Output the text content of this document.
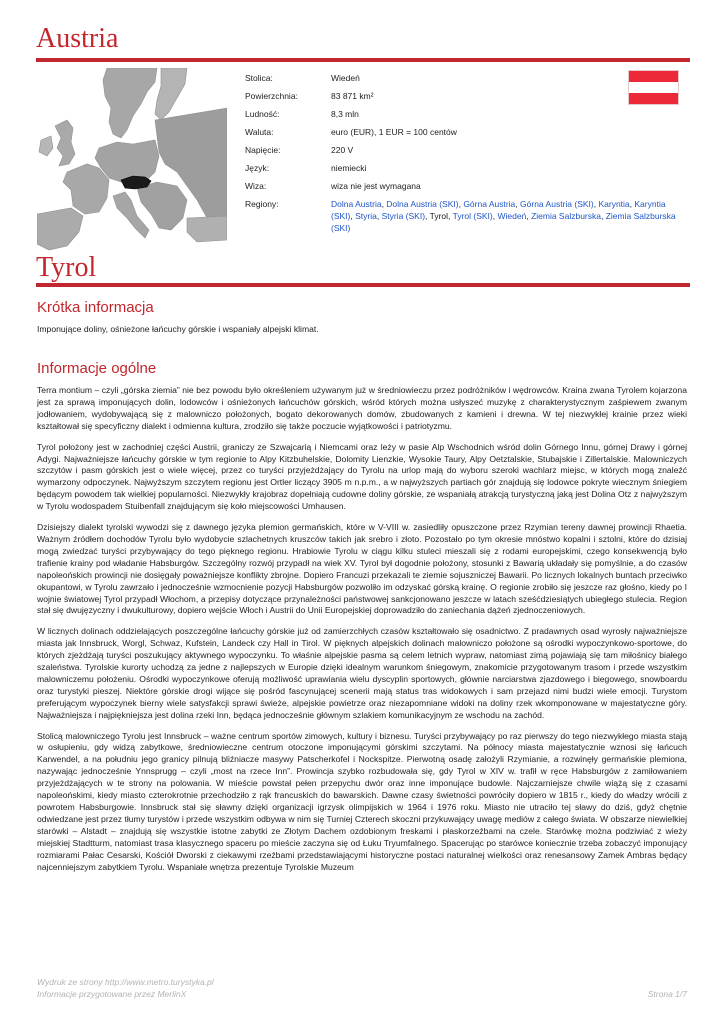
Austria
Stolica:	Wiedeń
Powierzchnia:	83 871 km²
Ludność:	8,3 mln
Waluta:	euro (EUR), 1 EUR = 100 centów
Napięcie:	220 V
Język:	niemiecki
Wiza:	wiza nie jest wymagana
Regiony:	Dolna Austria, Dolna Austria (SKI), Górna Austria, Górna Austria (SKI), Karyntia, Karyntia (SKI), Styria, Styria (SKI), Tyrol, Tyrol (SKI), Wiedeń, Ziemia Salzburska, Ziemia Salzburska (SKI)
Tyrol
Krótka informacja

Imponujące doliny, ośnieżone łańcuchy górskie i wspaniały alpejski klimat.

Informacje ogólne

Terra montium – czyli „górska ziemia” nie bez powodu było określeniem używanym już w średniowieczu przez podróżników i wędrowców. Kraina zwana Tyrolem kojarzona jest za sprawą imponujących dolin, lodowców i ośnieżonych łańcuchów górskich, wśród których można usłyszeć muzykę z charakterystycznym zaśpiewem zwanym jodłowaniem, wydobywającą się z malowniczo położonych, bogato dekorowanych domów, zbudowanych z kamieni i drewna. W tej niezwykłej krainie przez wieki kształtował się specyficzny dialekt i odmienna kultura, zrodziło się także poczucie wyjątkowości i patriotyzmu.

Tyrol położony jest w zachodniej części Austrii, graniczy ze Szwajcarią i Niemcami oraz leży w pasie Alp Wschodnich wśród dolin Górnego Innu, górnej Drawy i górnej Adygi. Najważniejsze łańcuchy górskie w tym regionie to Alpy Kitzbuhelskie, Dolomity Lienzkie, Wysokie Taury, Alpy Oetztalskie, Stubajskie i Zillertalskie. Malowniczych szczytów i pasm górskich jest o wiele więcej, przez co turyści przyjeżdżający do Tyrolu na urlop mają do wyboru szeroki wachlarz miejsc, w których mogą znaleźć wymarzony odpoczynek. Najwyższym szczytem regionu jest Ortler liczący 3905 m n.p.m., a w najwyższych partiach gór znajdują się lodowce pokryte wiecznym śniegiem będącym powodem tak wielkiej popularności. Niezwykły krajobraz dopełniają cudowne doliny górskie, ze wspaniałą atrakcją turystyczną jaką jest Dolina Otz z najwyższym w Tyrolu wodospadem Stuibenfall znajdującym się koło miejscowości Umhausen.

Dzisiejszy dialekt tyrolski wywodzi się z dawnego języka plemion germańskich, które w V-VIII w. zasiedliły opuszczone przez Rzymian tereny dawnej prowincji Rhaetia. Ważnym źródłem dochodów Tyrolu było wydobycie szlachetnych kruszców takich jak srebro i złoto. Pozostało po tym okresie mnóstwo kopalni i sztolni, które do dzisiaj mogą zwiedzać turyści przybywający do tego pięknego regionu. Hrabiowie Tyrolu w ciągu kilku stuleci mieszali się z rodami europejskimi, czego konsekwencją było trafienie krainy pod władanie Habsburgów. Szczególny rozwój przypadł na wiek XV. Tyrol był dogodnie położony, stosunki z Bawarią układały się pomyślnie, a do czasów napoleońskich prowincji nie dosięgały poważniejsze konflikty zbrojne. Dopiero Francuzi przekazali te ziemie sojuszniczej Bawarii. Po licznych lokalnych buntach przeciwko okupantowi, w Tyrolu zawrzało i jednocześnie wzmocnienie pozycji Habsburgów pozwoliło im odzyskać górską krainę. O regionie zrobiło się jeszcze raz głośno, kiedy po I wojnie światowej Tyrol przypadł Włochom, a przepisy dotyczące przynależności państwowej sankcjonowano jeszcze w latach sześćdziesiątych ubiegłego stulecia. Region stał się dwujęzyczny i dwukulturowy, dopiero wejście Włoch i Austrii do Unii Europejskiej doprowadziło do zaniechania dążeń zjednoczeniowych.

W licznych dolinach oddzielających poszczególne łańcuchy górskie już od zamierzchłych czasów kształtowało się osadnictwo. Z pradawnych osad wyrosły najważniejsze miasta jak Innsbruck, Worgl, Schwaz, Kufstein, Landeck czy Hall in Tirol. W pięknych alpejskich dolinach malowniczo położone są ośrodki wypoczynkowo-sportowe, do których zjeżdżają turyści poszukujący aktywnego wypoczynku. To właśnie alpejskie pasma są celem letnich wypraw, natomiast zimą pojawiają się tam miłośnicy białego szaleństwa. Tyrolskie kurorty uchodzą za jedne z najlepszych w Europie dzięki idealnym warunkom śniegowym, znakomicie przygotowanym trasom i przede wszystkim malowniczemu położeniu. Ośrodki wypoczynkowe oferują możliwość uprawiania wielu dyscyplin sportowych, głównie narciarstwa zjazdowego i biegowego, snowboardu oraz turystyki pieszej. Niektóre górskie drogi wijące się pośród fascynującej scenerii mają status tras widokowych i sam przejazd nimi budzi wiele emocji. Turystom preferującym wypoczynek bierny wiele satysfakcji sprawi świeże, alpejskie powietrze oraz niezapomniane widoki na doliny rzek wkomponowane w majestatyczne góry. Najważniejsza i najpiękniejsza jest dolina rzeki Inn, będąca jednocześnie głównym szlakiem komunikacyjnym ze wschodu na zachód.

Stolicą malowniczego Tyrolu jest Innsbruck – ważne centrum sportów zimowych, kultury i biznesu. Turyści przybywający po raz pierwszy do tego niezwykłego miasta stają w osłupieniu, gdy widzą zabytkowe, średniowieczne centrum otoczone imponującymi górskimi szczytami. Na północy miasta majestatycznie wznosi się łańcuch Karwendel, a na południu jego granicy pilnują bliźniacze masywy Patscherkofel i Nockspitze. Pierwotną osadę założyli Rzymianie, a rozwinęły germańskie plemiona, nazywając jednocześnie Ynnsprugg – czyli „most na rzece Inn”. Prowincja szybko rozbudowała się, gdy Tyrol w XIV w. trafił w ręce Habsburgów z zamiłowaniem przyjeżdżających w te strony na polowania. W mieście powstał pełen przepychu dwór oraz inne imponujące budowle. Najczarniejsze chwile wiążą się z czasami napoleońskimi, kiedy miasto czterokrotnie przechodziło z rąk francuskich do bawarskich. Dawne czasy świetności powróciły dopiero w 1815 r., kiedy do władzy wrócili z powrotem Habsburgowie. Innsbruck stał się sławny dzięki organizacji igrzysk olimpijskich w 1964 i 1976 roku. Miasto nie utraciło tej sławy do dziś, gdyż chętnie odwiedzane jest przez tłumy turystów i przede wszystkim odbywa w nim się Turniej Czterech skoczni przykuwający uwagę mediów z całego świata. W obszarze niewielkiej starówki – Alstadt – znajdują się wszystkie istotne zabytki ze Złotym Dachem ozdobionym freskami i płaskorzeźbami na czele. Starówkę można podziwiać z wieży miejskiej Stadtturm, natomiast trasa klasycznego spaceru po mieście zaczyna się od Łuku Tryumfalnego. Spacerując po starówce koniecznie trzeba zobaczyć imponujący rozmiarami Pałac Cesarski, Kościół Dworski z ciekawymi rzeźbami przedstawiającymi historyczne postaci naturalnej wielkości oraz renesansowy Zamek Ambras będący najcenniejszym zabytkiem Tyrolu. Wspaniałe wnętrza prezentuje Tyrolskie Muzeum

Wydruk ze strony http://www.metro.turystyka.pl
Informacje przygotowane przez MerlinX	Strona 1/7
